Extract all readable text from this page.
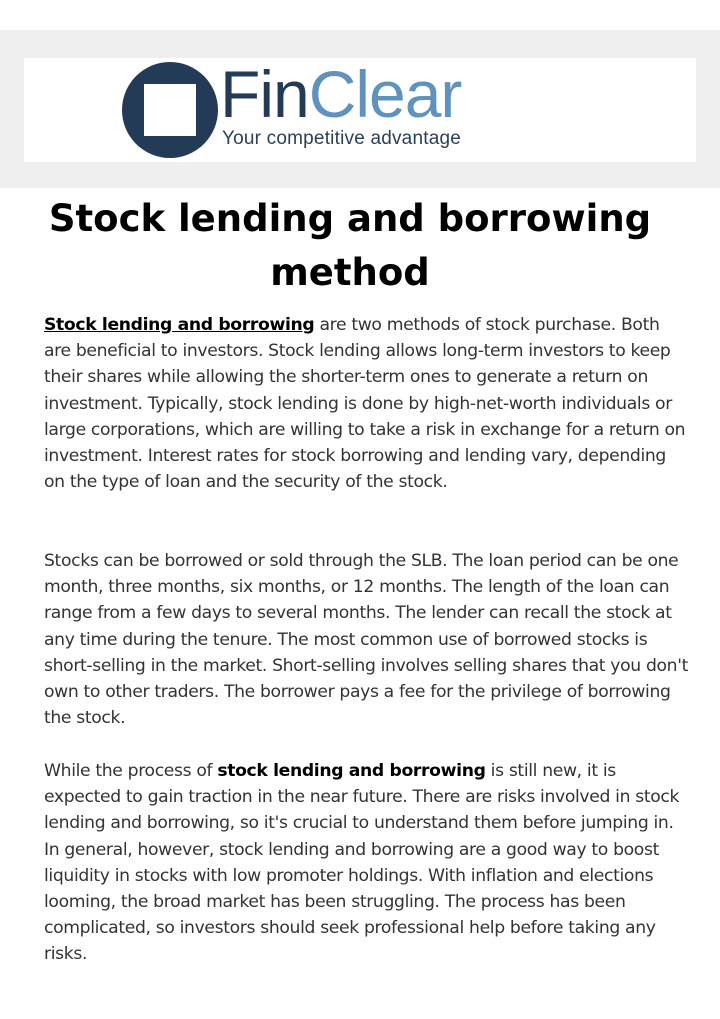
FinClear
Your competitive advantage
Stock lending and borrowing
method

Stock lending and borrowing are two methods of stock purchase. Both are beneficial to investors. Stock lending allows long-term investors to keep their shares while allowing the shorter-term ones to generate a return on investment. Typically, stock lending is done by high-net-worth individuals or large corporations, which are willing to take a risk in exchange for a return on investment. Interest rates for stock borrowing and lending vary, depending on the type of loan and the security of the stock.

Stocks can be borrowed or sold through the SLB. The loan period can be one month, three months, six months, or 12 months. The length of the loan can range from a few days to several months. The lender can recall the stock at any time during the tenure. The most common use of borrowed stocks is short-selling in the market. Short-selling involves selling shares that you don't own to other traders. The borrower pays a fee for the privilege of borrowing the stock.

While the process of stock lending and borrowing is still new, it is expected to gain traction in the near future. There are risks involved in stock lending and borrowing, so it's crucial to understand them before jumping in. In general, however, stock lending and borrowing are a good way to boost liquidity in stocks with low promoter holdings. With inflation and elections looming, the broad market has been struggling. The process has been complicated, so investors should seek professional help before taking any risks.
